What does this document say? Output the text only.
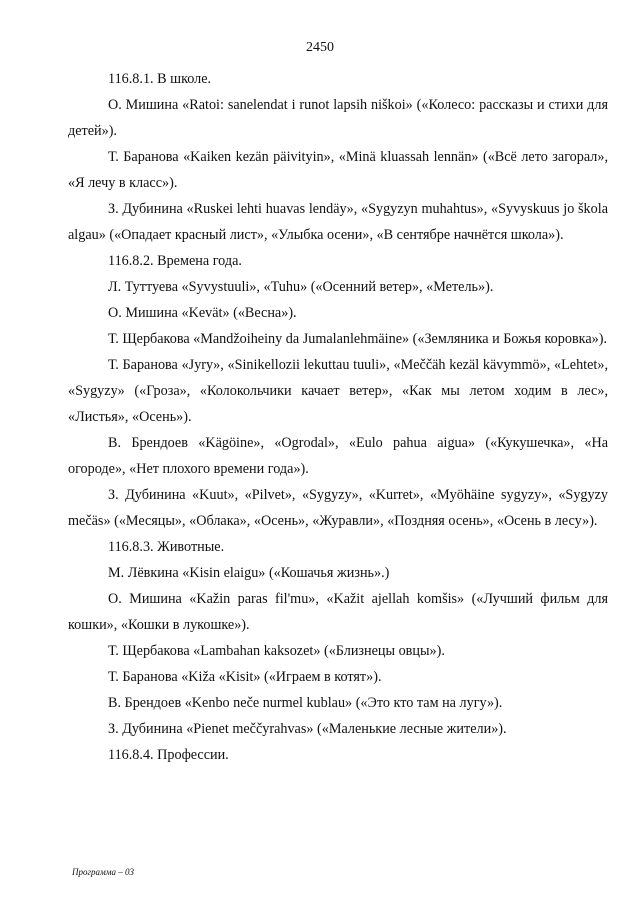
2450

116.8.1. В школе.

О. Мишина «Ratoi: sanelendat i runot lapsih niškoi» («Колесо: рассказы и стихи для детей»).

Т. Баранова «Kaiken kezän päivityin», «Minä kluassah lennän» («Всё лето загорал», «Я лечу в класс»).

З. Дубинина «Ruskei lehti huavas lendäy», «Sygyzyn muhahtus», «Syvyskuus jo škola algau» («Опадает красный лист», «Улыбка осени», «В сентябре начнётся школа»).

116.8.2. Времена года.

Л. Туттуева «Syvystuuli», «Tuhu» («Осенний ветер», «Метель»).

О. Мишина «Kevät» («Весна»).

Т. Щербакова «Mandžoiheiny da Jumalanlehmäine» («Земляника и Божья коровка»).

Т. Баранова «Jyry», «Sinikellozii lekuttau tuuli», «Meččäh kezäl kävymmö», «Lehtet», «Sygyzy» («Гроза», «Колокольчики качает ветер», «Как мы летом ходим в лес», «Листья», «Осень»).

В. Брендоев «Kägöine», «Ogrodal», «Eulo pahua aigua» («Кукушечка», «На огороде», «Нет плохого времени года»).

З. Дубинина «Kuut», «Pilvet», «Sygyzy», «Kurret», «Myöhäine sygyzy», «Sygyzy mečäs» («Месяцы», «Облака», «Осень», «Журавли», «Поздняя осень», «Осень в лесу»).

116.8.3. Животные.

М. Лёвкина «Kisin elaigu» («Кошачья жизнь».)

О. Мишина «Kažin paras fil'mu», «Kažit ajellah komšis» («Лучший фильм для кошки», «Кошки в лукошке»).

Т. Щербакова «Lambahan kaksozet» («Близнецы овцы»).

Т. Баранова «Kiža «Kisit» («Играем в котят»).

В. Брендоев «Kenbo neče nurmel kublau» («Это кто там на лугу»).

З. Дубинина «Pienet meččyrahvas» («Маленькие лесные жители»).

116.8.4. Профессии.

Программа – 03
